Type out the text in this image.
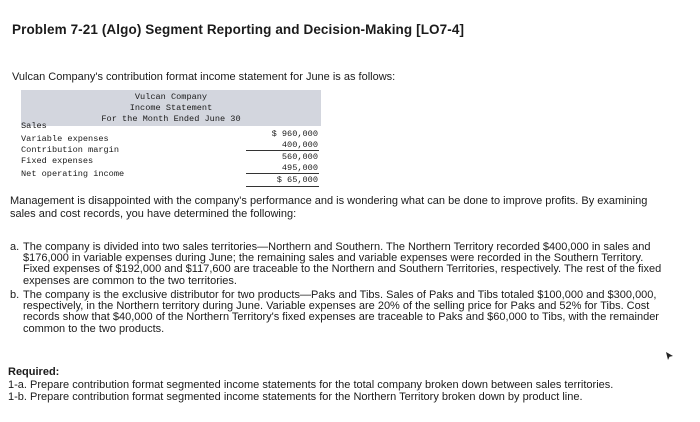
Problem 7-21 (Algo) Segment Reporting and Decision-Making [LO7-4]
Vulcan Company's contribution format income statement for June is as follows:
Vulcan Company
Income Statement
For the Month Ended June 30
Sales
Variable expenses
Contribution margin
Fixed expenses
Net operating income
$ 960,000
400,000
560,000
495,000
$ 65,000

Management is disappointed with the company's performance and is wondering what can be done to improve profits. By examining
sales and cost records, you have determined the following:

a. The company is divided into two sales territories—Northern and Southern. The Northern Territory recorded $400,000 in sales and
$176,000 in variable expenses during June; the remaining sales and variable expenses were recorded in the Southern Territory.
Fixed expenses of $192,000 and $117,600 are traceable to the Northern and Southern Territories, respectively. The rest of the fixed
expenses are common to the two territories.
b. The company is the exclusive distributor for two products—Paks and Tibs. Sales of Paks and Tibs totaled $100,000 and $300,000,
respectively, in the Northern territory during June. Variable expenses are 20% of the selling price for Paks and 52% for Tibs. Cost
records show that $40,000 of the Northern Territory's fixed expenses are traceable to Paks and $60,000 to Tibs, with the remainder
common to the two products.
Required:
1-a. Prepare contribution format segmented income statements for the total company broken down between sales territories.
1-b. Prepare contribution format segmented income statements for the Northern Territory broken down by product line.
